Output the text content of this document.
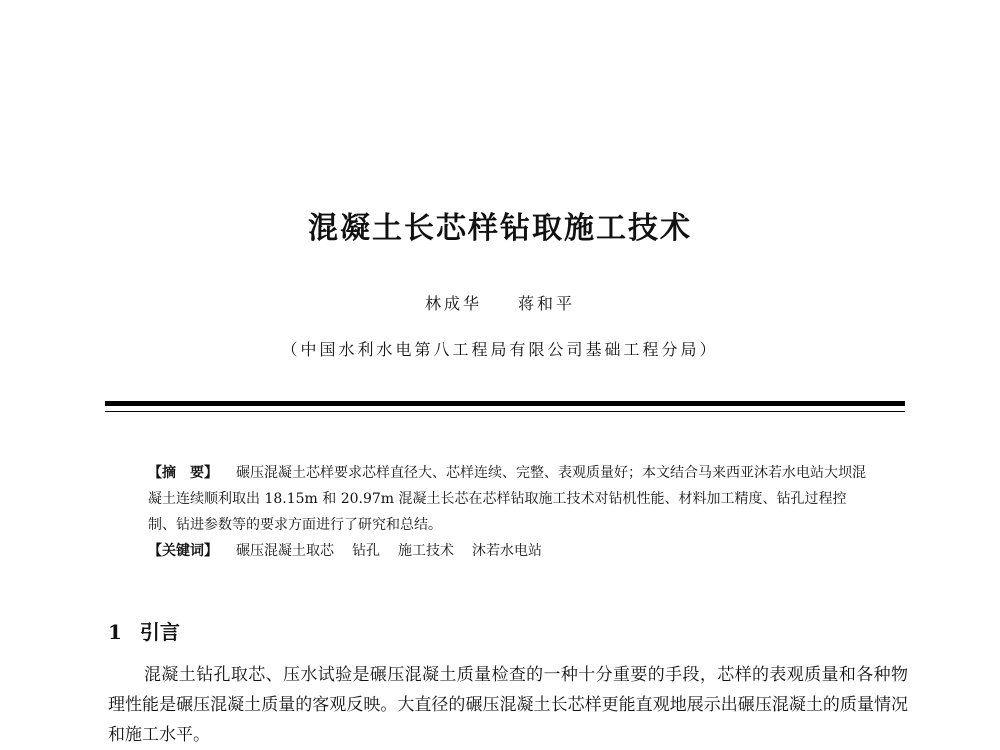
混凝土长芯样钻取施工技术
林成华 蒋和平
（中国水利水电第八工程局有限公司基础工程分局）

【摘　要】 碾压混凝土芯样要求芯样直径大、芯样连续、完整、表观质量好；本文结合马来西亚沐若水电站大坝混凝土连续顺利取出 18.15m 和 20.97m 混凝土长芯在芯样钻取施工技术对钻机性能、材料加工精度、钻孔过程控制、钻进参数等的要求方面进行了研究和总结。

【关键词】 碾压混凝土取芯 钻孔 施工技术 沐若水电站

1 引言

混凝土钻孔取芯、压水试验是碾压混凝土质量检查的一种十分重要的手段，芯样的表观质量和各种物理性能是碾压混凝土质量的客观反映。大直径的碾压混凝土长芯样更能直观地展示出碾压混凝土的质量情况和施工水平。
